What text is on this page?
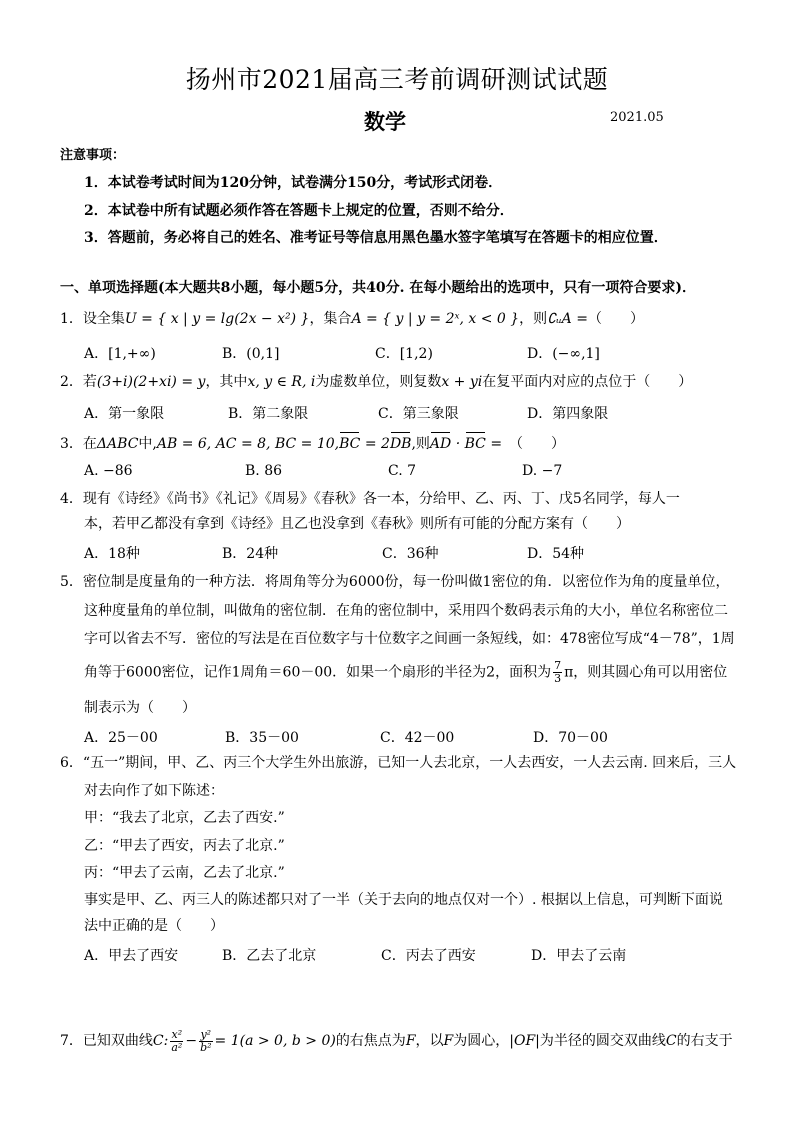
扬州市2021届高三考前调研测试试题
数学	2021.05
注意事项：
1．本试卷考试时间为120分钟，试卷满分150分，考试形式闭卷．
2．本试卷中所有试题必须作答在答题卡上规定的位置，否则不给分．
3．答题前，务必将自己的姓名、准考证号等信息用黑色墨水签字笔填写在答题卡的相应位置．
一、单项选择题(本大题共8小题，每小题5分，共40分. 在每小题给出的选项中，只有一项符合要求)．
1．设全集U = { x | y = lg(2x − x²) }，集合A = { y | y = 2ˣ, x < 0 }，则∁ᵤA =（　　）
A．[1,+∞)	B．(0,1]	C．[1,2)	D．(−∞,1]
2．若(3+i)(2+xi) = y，其中x, y ∈ R, i为虚数单位，则复数x + yi在复平面内对应的点位于（　　）
A．第一象限	B．第二象限	C．第三象限	D．第四象限
3．在ΔABC中,AB = 6, AC = 8, BC = 10,BC = 2DB,则AD · BC =　（　　）
A. −86	B. 86	C. 7	D. −7
4．现有《诗经》《尚书》《礼记》《周易》《春秋》各一本，分给甲、乙、丙、丁、戊5名同学，每人一
本，若甲乙都没有拿到《诗经》且乙也没拿到《春秋》则所有可能的分配方案有（　　）
A．18种	B．24种	C．36种	D．54种
5．密位制是度量角的一种方法．将周角等分为6000份，每一份叫做1密位的角．以密位作为角的度量单位，
这种度量角的单位制，叫做角的密位制．在角的密位制中，采用四个数码表示角的大小，单位名称密位二
字可以省去不写．密位的写法是在百位数字与十位数字之间画一条短线，如：478密位写成“4－78”，1周
角等于6000密位，记作1周角＝60－00．如果一个扇形的半径为2，面积为 $\frac{7}{3}$ π，则其圆心角可以用密位
制表示为（　　）
A．25－00	B．35－00	C．42－00	D．70－00
6．“五一”期间，甲、乙、丙三个大学生外出旅游，已知一人去北京，一人去西安，一人去云南. 回来后，三人
对去向作了如下陈述：
甲：“我去了北京，乙去了西安.”
乙：“甲去了西安，丙去了北京.”
丙：“甲去了云南，乙去了北京.”
事实是甲、乙、丙三人的陈述都只对了一半（关于去向的地点仅对一个）. 根据以上信息，可判断下面说
法中正确的是（　　）
A．甲去了西安	B．乙去了北京	C．丙去了西安	D．甲去了云南
7．已知双曲线C: $\frac{\text{x²}}{\text{a²}} - \frac{\text{y²}}{\text{b²}} = 1(a > 0$, b > 0)的右焦点为F，以F为圆心，|OF|为半径的圆交双曲线C的右支于
